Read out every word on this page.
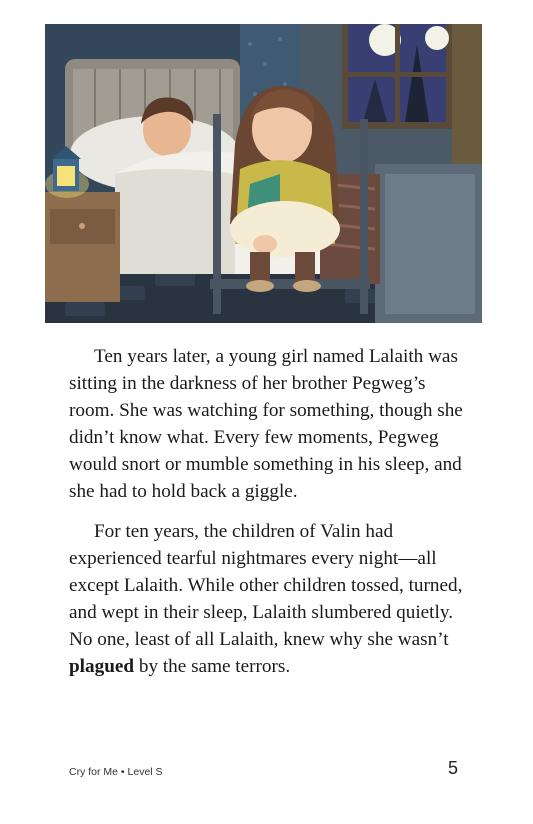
Ten years later, a young girl named Lalaith was sitting in the darkness of her brother Pegweg’s room. She was watching for something, though she didn’t know what. Every few moments, Pegweg would snort or mumble something in his sleep, and she had to hold back a giggle.

For ten years, the children of Valin had experienced tearful nightmares every night—all except Lalaith. While other children tossed, turned, and wept in their sleep, Lalaith slumbered quietly. No one, least of all Lalaith, knew why she wasn’t plagued by the same terrors.

Cry for Me • Level S	5
